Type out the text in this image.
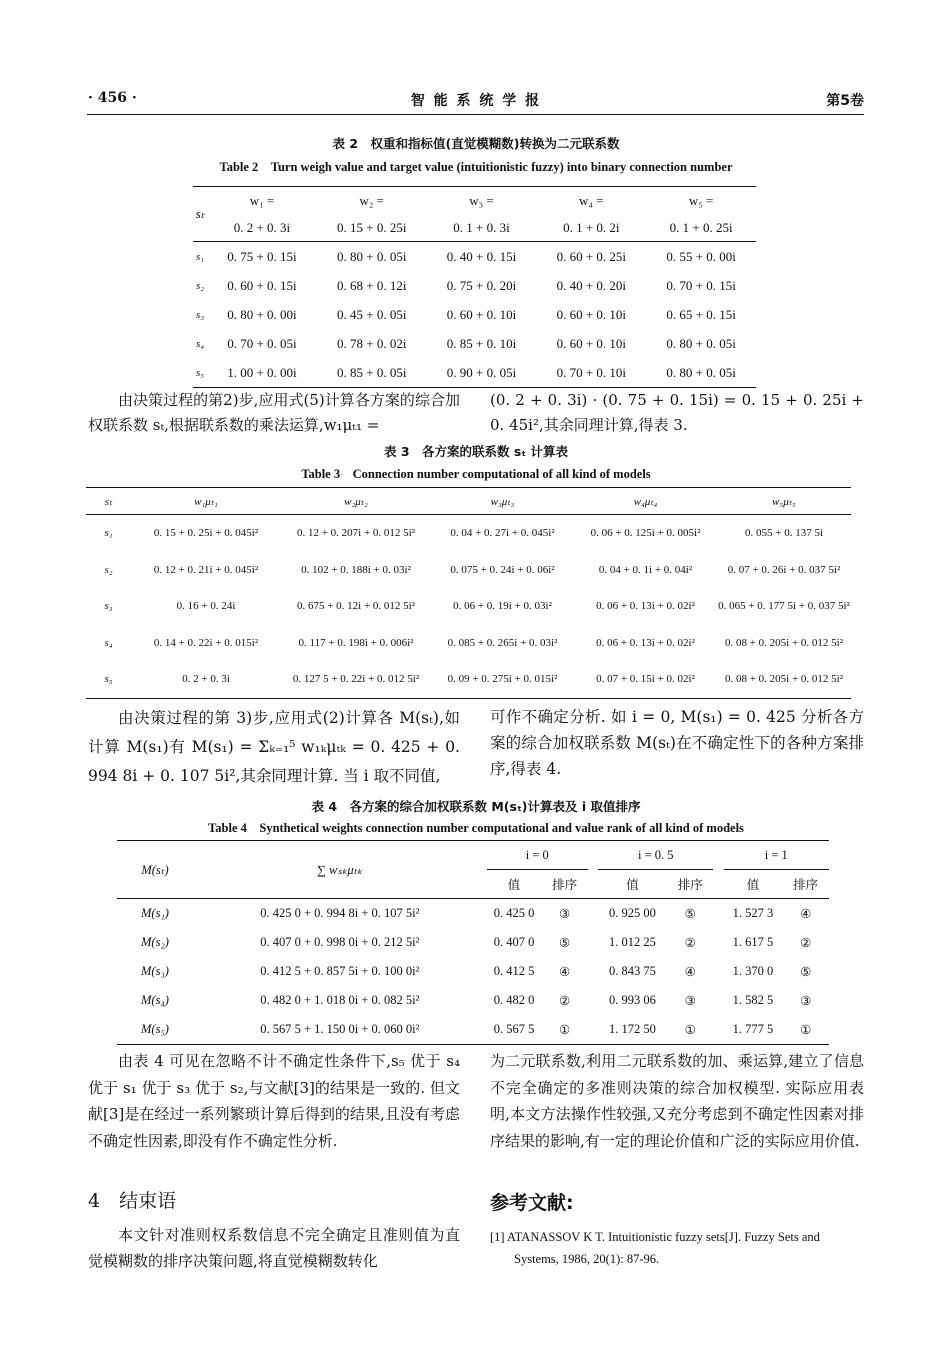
· 456 ·	智 能 系 统 学 报	第5卷
表 2　权重和指标值(直觉模糊数)转换为二元联系数
Table 2　Turn weigh value and target value (intuitionistic fuzzy) into binary connection number
sₜ	w₁ =	w₂ =	w₃ =	w₄ =	w₅ =
	0. 2 + 0. 3i	0. 15 + 0. 25i	0. 1 + 0. 3i	0. 1 + 0. 2i	0. 1 + 0. 25i
s₁	0. 75 + 0. 15i	0. 80 + 0. 05i	0. 40 + 0. 15i	0. 60 + 0. 25i	0. 55 + 0. 00i
s₂	0. 60 + 0. 15i	0. 68 + 0. 12i	0. 75 + 0. 20i	0. 40 + 0. 20i	0. 70 + 0. 15i
s₃	0. 80 + 0. 00i	0. 45 + 0. 05i	0. 60 + 0. 10i	0. 60 + 0. 10i	0. 65 + 0. 15i
s₄	0. 70 + 0. 05i	0. 78 + 0. 02i	0. 85 + 0. 10i	0. 60 + 0. 10i	0. 80 + 0. 05i
s₅	1. 00 + 0. 00i	0. 85 + 0. 05i	0. 90 + 0. 05i	0. 70 + 0. 10i	0. 80 + 0. 05i
由决策过程的第2)步,应用式(5)计算各方案的综合加权联系数 sₜ,根据联系数的乘法运算,w₁μₜ₁ =
(0. 2 + 0. 3i) · (0. 75 + 0. 15i) = 0. 15 + 0. 25i + 0. 45i²,其余同理计算,得表 3.
表 3　各方案的联系数 sₜ 计算表
Table 3　Connection number computational of all kind of models
sₜ	w₁μₜ₁	w₂μₜ₂	w₃μₜ₃	w₄μₜ₄	w₅μₜ₅
s₁	0. 15 + 0. 25i + 0. 045i²	0. 12 + 0. 207i + 0. 012 5i²	0. 04 + 0. 27i + 0. 045i²	0. 06 + 0. 125i + 0. 005i²	0. 055 + 0. 137 5i
s₂	0. 12 + 0. 21i + 0. 045i²	0. 102 + 0. 188i + 0. 03i²	0. 075 + 0. 24i + 0. 06i²	0. 04 + 0. 1i + 0. 04i²	0. 07 + 0. 26i + 0. 037 5i²
s₃	0. 16 + 0. 24i	0. 675 + 0. 12i + 0. 012 5i²	0. 06 + 0. 19i + 0. 03i²	0. 06 + 0. 13i + 0. 02i²	0. 065 + 0. 177 5i + 0. 037 5i²
s₄	0. 14 + 0. 22i + 0. 015i²	0. 117 + 0. 198i + 0. 006i²	0. 085 + 0. 265i + 0. 03i²	0. 06 + 0. 13i + 0. 02i²	0. 08 + 0. 205i + 0. 012 5i²
s₅	0. 2 + 0. 3i	0. 127 5 + 0. 22i + 0. 012 5i²	0. 09 + 0. 275i + 0. 015i²	0. 07 + 0. 15i + 0. 02i²	0. 08 + 0. 205i + 0. 012 5i²
由决策过程的第 3)步,应用式(2)计算各 M(sₜ),如计算 M(s₁)有 M(s₁) = Σₖ₌₁⁵ w₁ₖμₜₖ = 0. 425 + 0. 994 8i + 0. 107 5i²,其余同理计算. 当 i 取不同值,
可作不确定分析. 如 i = 0, M(s₁) = 0. 425 分析各方案的综合加权联系数 M(sₜ)在不确定性下的各种方案排序,得表 4.
表 4　各方案的综合加权联系数 M(sₜ)计算表及 i 取值排序
Table 4　Synthetical weights connection number computational and value rank of all kind of models
M(sₜ)	∑ wₛₖμₜₖ	i = 0			i = 0. 5			i = 1	
		值	排序		值	排序		值	排序
M(s₁)	0. 425 0 + 0. 994 8i + 0. 107 5i²	0. 425 0	③		0. 925 00	⑤		1. 527 3	④
M(s₂)	0. 407 0 + 0. 998 0i + 0. 212 5i²	0. 407 0	⑤		1. 012 25	②		1. 617 5	②
M(s₃)	0. 412 5 + 0. 857 5i + 0. 100 0i²	0. 412 5	④		0. 843 75	④		1. 370 0	⑤
M(s₄)	0. 482 0 + 1. 018 0i + 0. 082 5i²	0. 482 0	②		0. 993 06	③		1. 582 5	③
M(s₅)	0. 567 5 + 1. 150 0i + 0. 060 0i²	0. 567 5	①		1. 172 50	①		1. 777 5	①
由表 4 可见在忽略不计不确定性条件下,s₅ 优于 s₄ 优于 s₁ 优于 s₃ 优于 s₂,与文献[3]的结果是一致的. 但文献[3]是在经过一系列繁琐计算后得到的结果,且没有考虑不确定性因素,即没有作不确定性分析.
4　结束语
本文针对准则权系数信息不完全确定且准则值为直觉模糊数的排序决策问题,将直觉模糊数转化
为二元联系数,利用二元联系数的加、乘运算,建立了信息不完全确定的多准则决策的综合加权模型. 实际应用表明,本文方法操作性较强,又充分考虑到不确定性因素对排序结果的影响,有一定的理论价值和广泛的实际应用价值.
参考文献:
[1] ATANASSOV K T. Intuitionistic fuzzy sets[J]. Fuzzy Sets and Systems, 1986, 20(1): 87-96.
